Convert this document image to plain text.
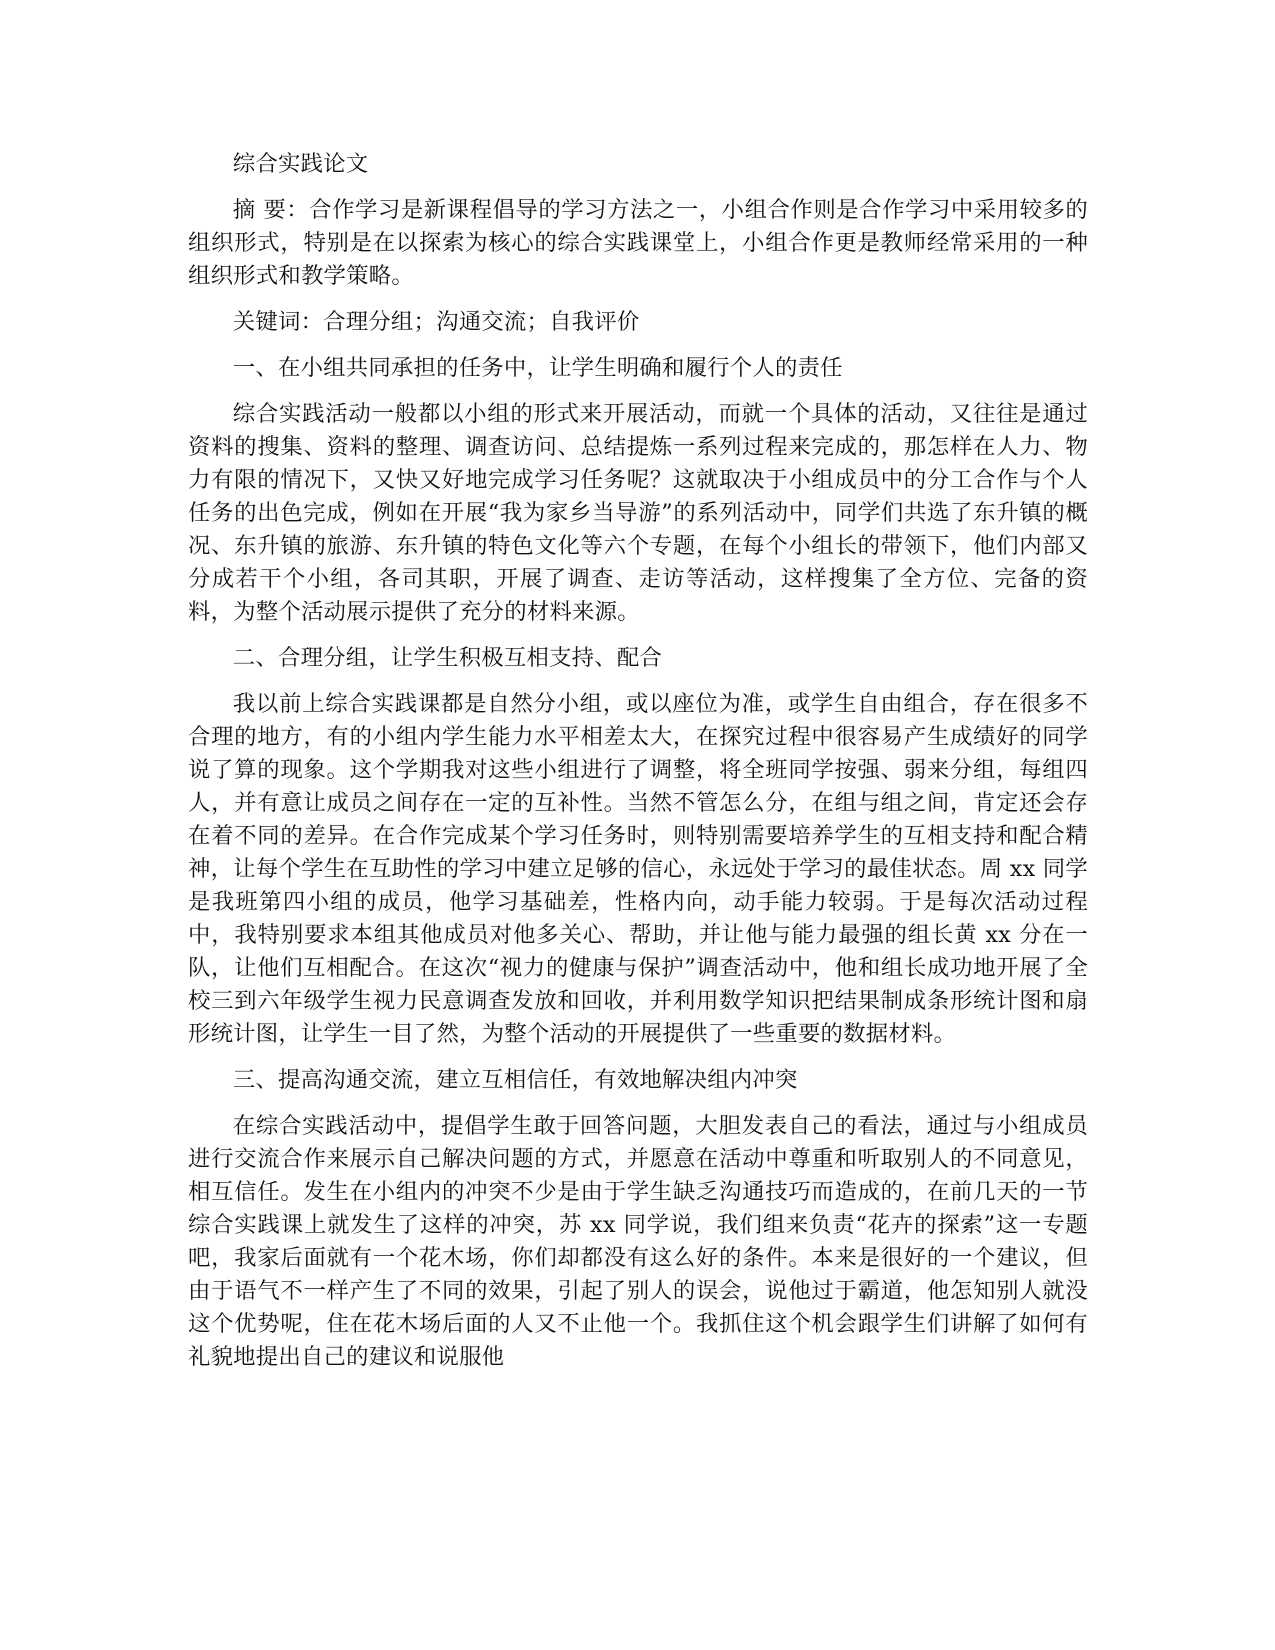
综合实践论文

摘 要：合作学习是新课程倡导的学习方法之一，小组合作则是合作学习中采用较多的组织形式，特别是在以探索为核心的综合实践课堂上，小组合作更是教师经常采用的一种组织形式和教学策略。

关键词：合理分组；沟通交流；自我评价

一、在小组共同承担的任务中，让学生明确和履行个人的责任

综合实践活动一般都以小组的形式来开展活动，而就一个具体的活动，又往往是通过资料的搜集、资料的整理、调查访问、总结提炼一系列过程来完成的，那怎样在人力、物力有限的情况下，又快又好地完成学习任务呢？这就取决于小组成员中的分工合作与个人任务的出色完成，例如在开展“我为家乡当导游”的系列活动中，同学们共选了东升镇的概况、东升镇的旅游、东升镇的特色文化等六个专题，在每个小组长的带领下，他们内部又分成若干个小组，各司其职，开展了调查、走访等活动，这样搜集了全方位、完备的资料，为整个活动展示提供了充分的材料来源。

二、合理分组，让学生积极互相支持、配合

我以前上综合实践课都是自然分小组，或以座位为准，或学生自由组合，存在很多不合理的地方，有的小组内学生能力水平相差太大，在探究过程中很容易产生成绩好的同学说了算的现象。这个学期我对这些小组进行了调整，将全班同学按强、弱来分组，每组四人，并有意让成员之间存在一定的互补性。当然不管怎么分，在组与组之间，肯定还会存在着不同的差异。在合作完成某个学习任务时，则特别需要培养学生的互相支持和配合精神，让每个学生在互助性的学习中建立足够的信心，永远处于学习的最佳状态。周 xx 同学是我班第四小组的成员，他学习基础差，性格内向，动手能力较弱。于是每次活动过程中，我特别要求本组其他成员对他多关心、帮助，并让他与能力最强的组长黄 xx 分在一队，让他们互相配合。在这次“视力的健康与保护”调查活动中，他和组长成功地开展了全校三到六年级学生视力民意调查发放和回收，并利用数学知识把结果制成条形统计图和扇形统计图，让学生一目了然，为整个活动的开展提供了一些重要的数据材料。

三、提高沟通交流，建立互相信任，有效地解决组内冲突

在综合实践活动中，提倡学生敢于回答问题，大胆发表自己的看法，通过与小组成员进行交流合作来展示自己解决问题的方式，并愿意在活动中尊重和听取别人的不同意见，相互信任。发生在小组内的冲突不少是由于学生缺乏沟通技巧而造成的，在前几天的一节综合实践课上就发生了这样的冲突，苏 xx 同学说，我们组来负责“花卉的探索”这一专题吧，我家后面就有一个花木场，你们却都没有这么好的条件。本来是很好的一个建议，但由于语气不一样产生了不同的效果，引起了别人的误会，说他过于霸道，他怎知别人就没这个优势呢，住在花木场后面的人又不止他一个。我抓住这个机会跟学生们讲解了如何有礼貌地提出自己的建议和说服他
